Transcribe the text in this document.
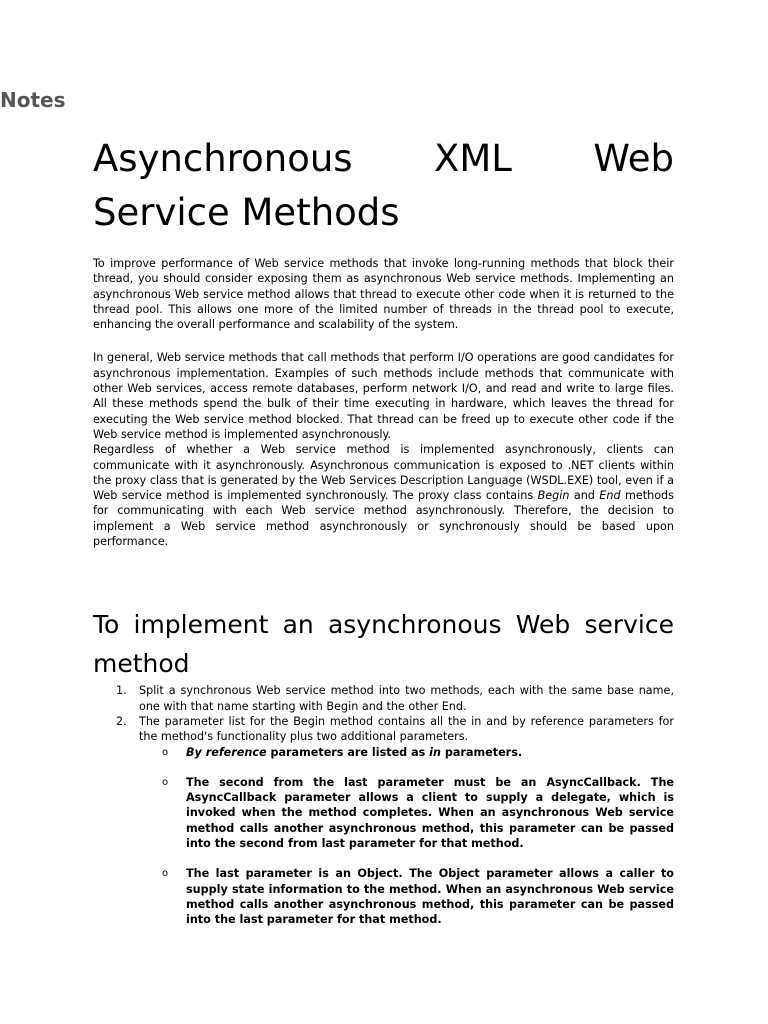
Notes
Asynchronous XML Web
Service Methods

To improve performance of Web service methods that invoke long-running methods that block their thread, you should consider exposing them as asynchronous Web service methods. Implementing an asynchronous Web service method allows that thread to execute other code when it is returned to the thread pool. This allows one more of the limited number of threads in the thread pool to execute, enhancing the overall performance and scalability of the system.

In general, Web service methods that call methods that perform I/O operations are good candidates for asynchronous implementation. Examples of such methods include methods that communicate with other Web services, access remote databases, perform network I/O, and read and write to large files. All these methods spend the bulk of their time executing in hardware, which leaves the thread for executing the Web service method blocked. That thread can be freed up to execute other code if the Web service method is implemented asynchronously.

Regardless of whether a Web service method is implemented asynchronously, clients can communicate with it asynchronously. Asynchronous communication is exposed to .NET clients within the proxy class that is generated by the Web Services Description Language (WSDL.EXE) tool, even if a Web service method is implemented synchronously. The proxy class contains Begin and End methods for communicating with each Web service method asynchronously. Therefore, the decision to implement a Web service method asynchronously or synchronously should be based upon performance.

To implement an asynchronous Web service
method
1. Split a synchronous Web service method into two methods, each with the same base name, one with that name starting with Begin and the other End.
2. The parameter list for the Begin method contains all the in and by reference parameters for the method's functionality plus two additional parameters.
o By reference parameters are listed as in parameters.
o The second from the last parameter must be an AsyncCallback. The AsyncCallback parameter allows a client to supply a delegate, which is invoked when the method completes. When an asynchronous Web service method calls another asynchronous method, this parameter can be passed into the second from last parameter for that method.
o The last parameter is an Object. The Object parameter allows a caller to supply state information to the method. When an asynchronous Web service method calls another asynchronous method, this parameter can be passed into the last parameter for that method.
